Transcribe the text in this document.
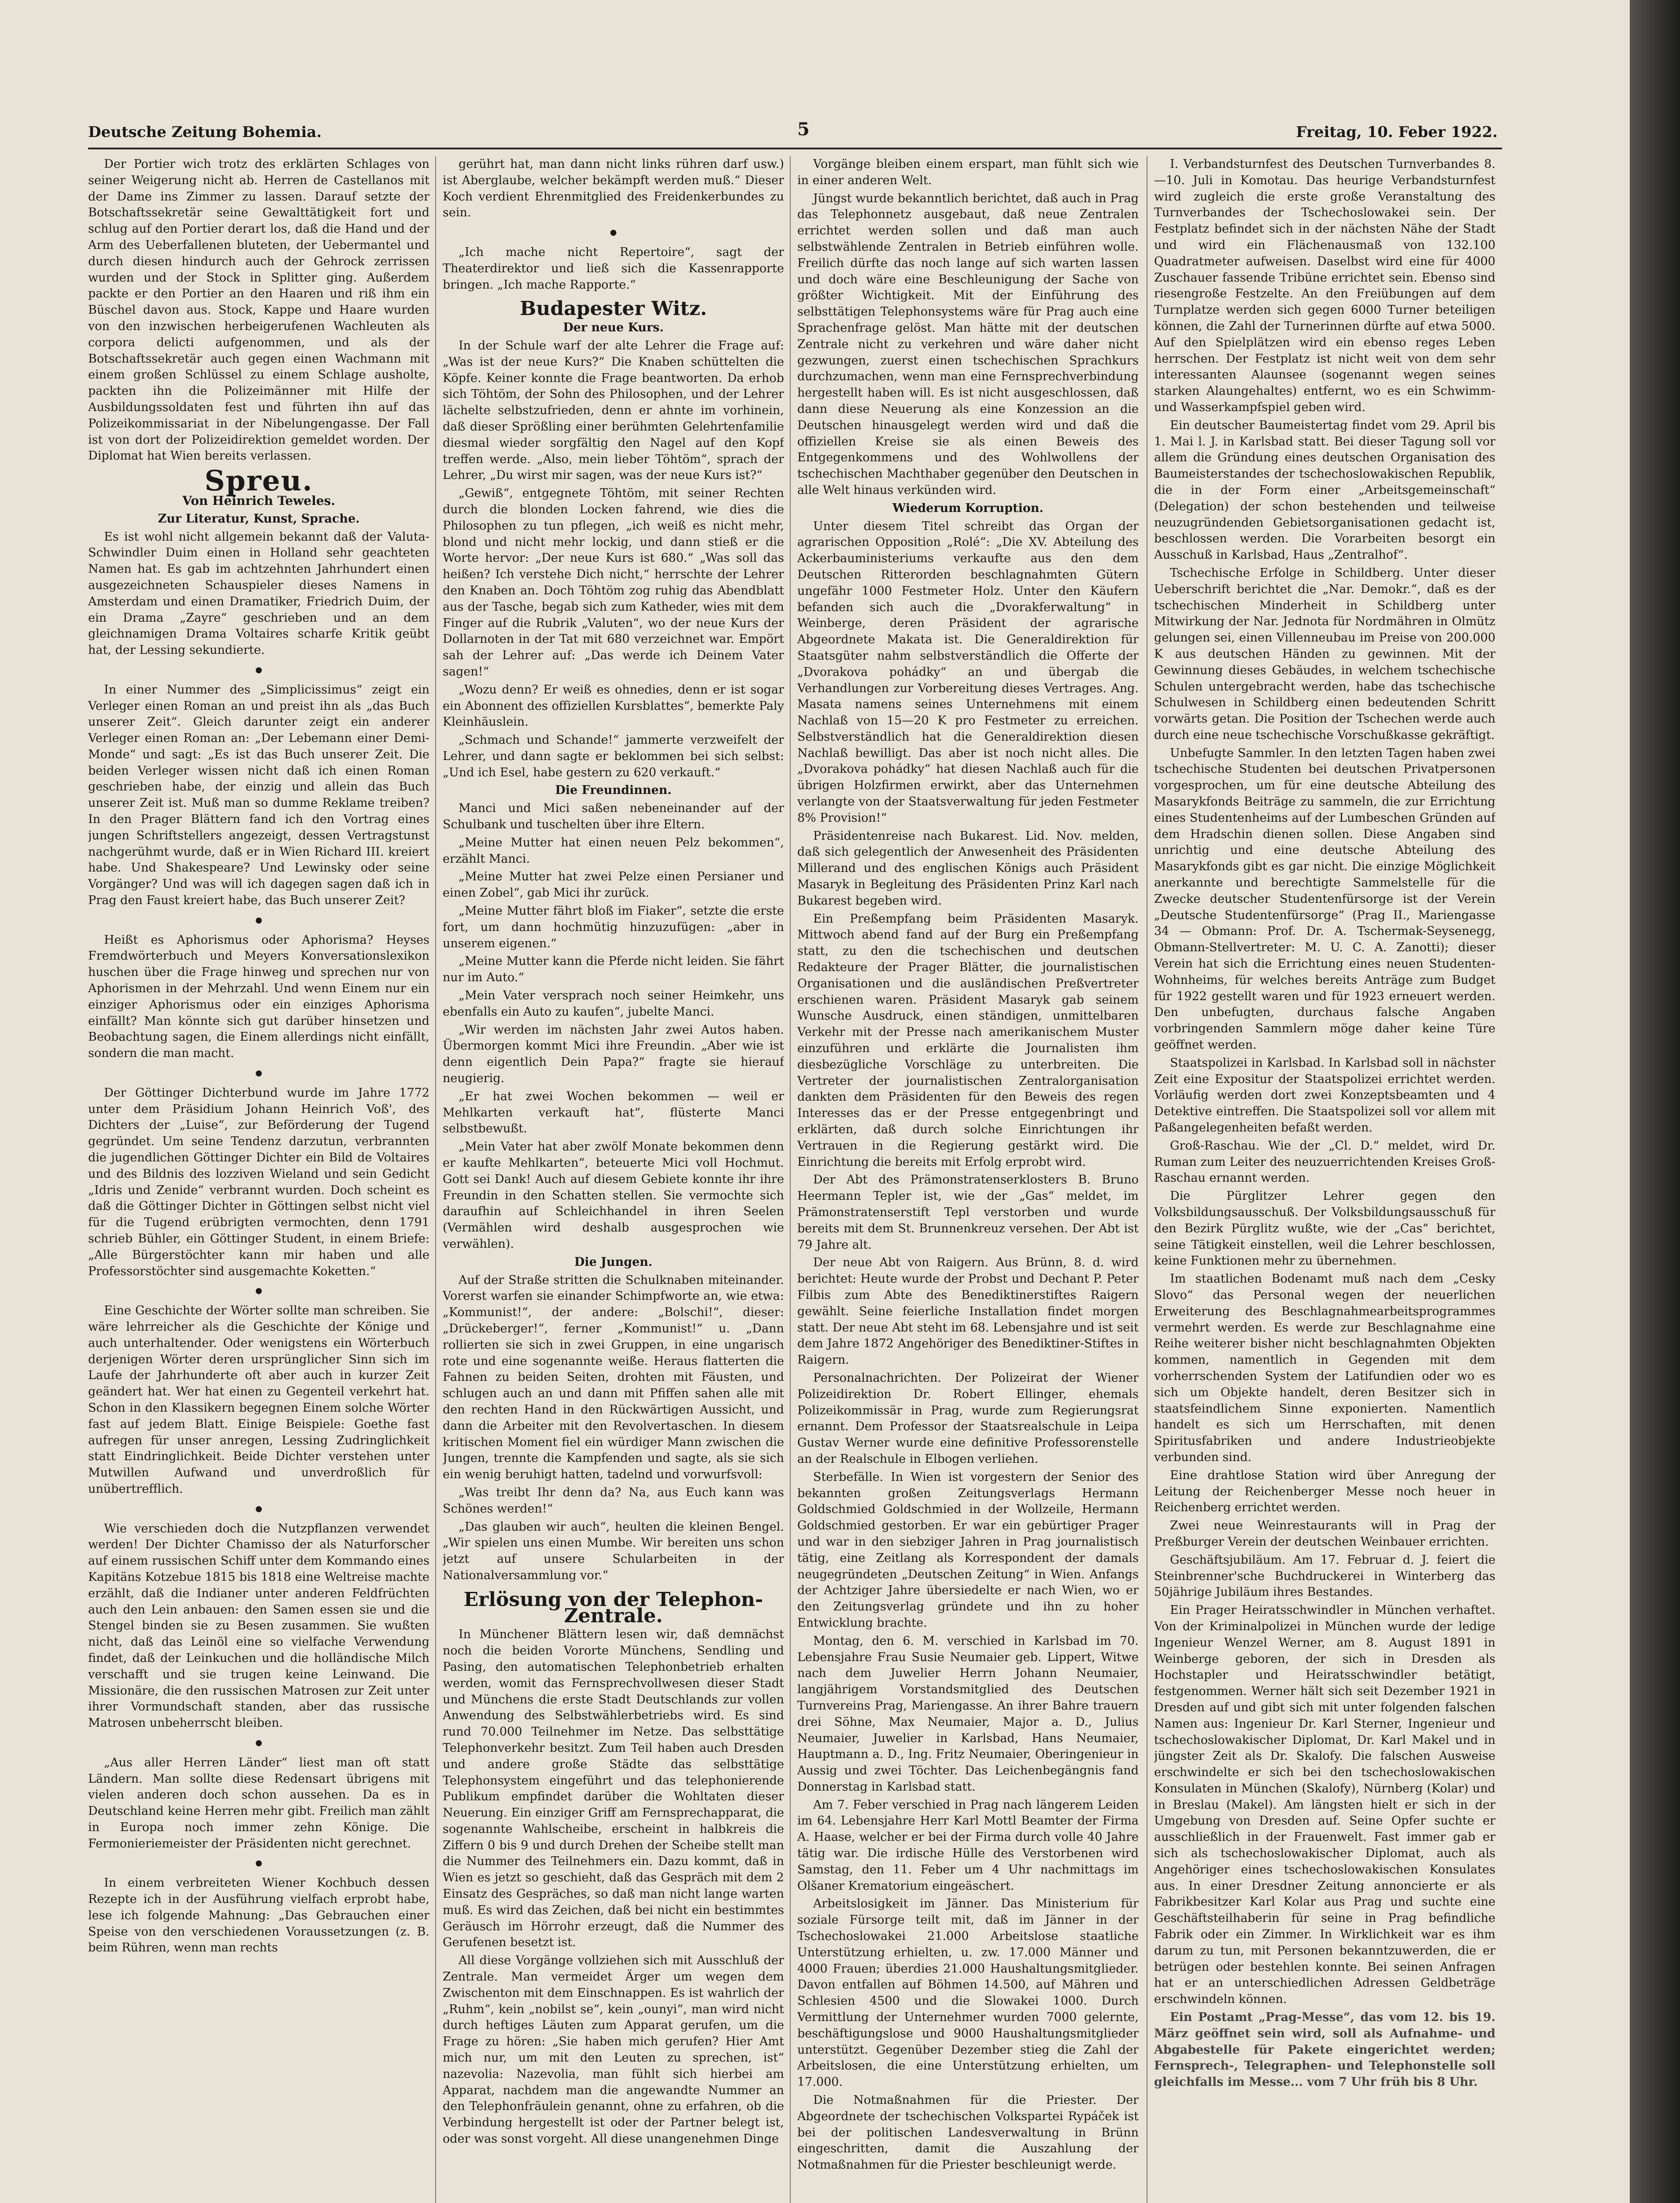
Deutsche Zeitung Bohemia.	5	Freitag, 10. Feber 1922.

Der Portier wich trotz des erklärten Schlages von seiner Weigerung nicht ab. Herren de Castellanos mit der Dame ins Zimmer zu lassen. Darauf setzte der Botschaftssekretär seine Gewalttätigkeit fort und schlug auf den Portier derart los, daß die Hand und der Arm des Ueberfallenen bluteten, der Uebermantel und durch diesen hindurch auch der Gehrock zerrissen wurden und der Stock in Splitter ging. Außerdem packte er den Portier an den Haaren und riß ihm ein Büschel davon aus. Stock, Kappe und Haare wurden von den inzwischen herbeigerufenen Wachleuten als corpora delicti aufgenommen, und als der Botschaftssekretär auch gegen einen Wachmann mit einem großen Schlüssel zu einem Schlage ausholte, packten ihn die Polizeimänner mit Hilfe der Ausbildungssoldaten fest und führten ihn auf das Polizeikommissariat in der Nibelungengasse. Der Fall ist von dort der Polizeidirektion gemeldet worden. Der Diplomat hat Wien bereits verlassen.

Spreu.
Von Heinrich Teweles.
Zur Literatur, Kunst, Sprache.

Es ist wohl nicht allgemein bekannt daß der Valuta-Schwindler Duim einen in Holland sehr geachteten Namen hat. Es gab im achtzehnten Jahrhundert einen ausgezeichneten Schauspieler dieses Namens in Amsterdam und einen Dramatiker, Friedrich Duim, der ein Drama „Zayre“ geschrieben und an dem gleichnamigen Drama Voltaires scharfe Kritik geübt hat, der Lessing sekundierte.

●

In einer Nummer des „Simplicissimus“ zeigt ein Verleger einen Roman an und preist ihn als „das Buch unserer Zeit“. Gleich darunter zeigt ein anderer Verleger einen Roman an: „Der Lebemann einer Demi-Monde“ und sagt: „Es ist das Buch unserer Zeit. Die beiden Verleger wissen nicht daß ich einen Roman geschrieben habe, der einzig und allein das Buch unserer Zeit ist. Muß man so dumme Reklame treiben? In den Prager Blättern fand ich den Vortrag eines jungen Schriftstellers angezeigt, dessen Vertragstunst nachgerühmt wurde, daß er in Wien Richard III. kreiert habe. Und Shakespeare? Und Lewinsky oder seine Vorgänger? Und was will ich dagegen sagen daß ich in Prag den Faust kreiert habe, das Buch unserer Zeit?

●

Heißt es Aphorismus oder Aphorisma? Heyses Fremdwörterbuch und Meyers Konversationslexikon huschen über die Frage hinweg und sprechen nur von Aphorismen in der Mehrzahl. Und wenn Einem nur ein einziger Aphorismus oder ein einziges Aphorisma einfällt? Man könnte sich gut darüber hinsetzen und Beobachtung sagen, die Einem allerdings nicht einfällt, sondern die man macht.

●

Der Göttinger Dichterbund wurde im Jahre 1772 unter dem Präsidium Johann Heinrich Voß', des Dichters der „Luise“, zur Beförderung der Tugend gegründet. Um seine Tendenz darzutun, verbrannten die jugendlichen Göttinger Dichter ein Bild de Voltaires und des Bildnis des lozziven Wieland und sein Gedicht „Idris und Zenide“ verbrannt wurden. Doch scheint es daß die Göttinger Dichter in Göttingen selbst nicht viel für die Tugend erübrigten vermochten, denn 1791 schrieb Bühler, ein Göttinger Student, in einem Briefe: „Alle Bürgerstöchter kann mir haben und alle Professorstöchter sind ausgemachte Koketten.“

●

Eine Geschichte der Wörter sollte man schreiben. Sie wäre lehrreicher als die Geschichte der Könige und auch unterhaltender. Oder wenigstens ein Wörterbuch derjenigen Wörter deren ursprünglicher Sinn sich im Laufe der Jahrhunderte oft aber auch in kurzer Zeit geändert hat. Wer hat einen zu Gegenteil verkehrt hat. Schon in den Klassikern begegnen Einem solche Wörter fast auf jedem Blatt. Einige Beispiele: Goethe fast aufregen für unser anregen, Lessing Zudringlichkeit statt Eindringlichkeit. Beide Dichter verstehen unter Mutwillen Aufwand und unverdroßlich für unübertrefflich.

●

Wie verschieden doch die Nutzpflanzen verwendet werden! Der Dichter Chamisso der als Naturforscher auf einem russischen Schiff unter dem Kommando eines Kapitäns Kotzebue 1815 bis 1818 eine Weltreise machte erzählt, daß die Indianer unter anderen Feldfrüchten auch den Lein anbauen: den Samen essen sie und die Stengel binden sie zu Besen zusammen. Sie wußten nicht, daß das Leinöl eine so vielfache Verwendung findet, daß der Leinkuchen und die holländische Milch verschafft und sie trugen keine Leinwand. Die Missionäre, die den russischen Matrosen zur Zeit unter ihrer Vormundschaft standen, aber das russische Matrosen unbeherrscht bleiben.

●

„Aus aller Herren Länder“ liest man oft statt Ländern. Man sollte diese Redensart übrigens mit vielen anderen doch schon aussehen. Da es in Deutschland keine Herren mehr gibt. Freilich man zählt in Europa noch immer zehn Könige. Die Fermonieriemeister der Präsidenten nicht gerechnet.

●

In einem verbreiteten Wiener Kochbuch dessen Rezepte ich in der Ausführung vielfach erprobt habe, lese ich folgende Mahnung: „Das Gebrauchen einer Speise von den verschiedenen Voraussetzungen (z. B. beim Rühren, wenn man rechts

gerührt hat, man dann nicht links rühren darf usw.) ist Aberglaube, welcher bekämpft werden muß.“ Dieser Koch verdient Ehrenmitglied des Freidenkerbundes zu sein.

●

„Ich mache nicht Repertoire“, sagt der Theaterdirektor und ließ sich die Kassenrapporte bringen. „Ich mache Rapporte.“

Budapester Witz.
Der neue Kurs.

In der Schule warf der alte Lehrer die Frage auf: „Was ist der neue Kurs?“ Die Knaben schüttelten die Köpfe. Keiner konnte die Frage beantworten. Da erhob sich Töhtöm, der Sohn des Philosophen, und der Lehrer lächelte selbstzufrieden, denn er ahnte im vorhinein, daß dieser Sprößling einer berühmten Gelehrtenfamilie diesmal wieder sorgfältig den Nagel auf den Kopf treffen werde. „Also, mein lieber Töhtöm“, sprach der Lehrer, „Du wirst mir sagen, was der neue Kurs ist?“

„Gewiß“, entgegnete Töhtöm, mit seiner Rechten durch die blonden Locken fahrend, wie dies die Philosophen zu tun pflegen, „ich weiß es nicht mehr, blond und nicht mehr lockig, und dann stieß er die Worte hervor: „Der neue Kurs ist 680.“ „Was soll das heißen? Ich verstehe Dich nicht,“ herrschte der Lehrer den Knaben an. Doch Töhtöm zog ruhig das Abendblatt aus der Tasche, begab sich zum Katheder, wies mit dem Finger auf die Rubrik „Valuten“, wo der neue Kurs der Dollarnoten in der Tat mit 680 verzeichnet war. Empört sah der Lehrer auf: „Das werde ich Deinem Vater sagen!“

„Wozu denn? Er weiß es ohnedies, denn er ist sogar ein Abonnent des offiziellen Kursblattes“, bemerkte Paly Kleinhäuslein.

„Schmach und Schande!“ jammerte verzweifelt der Lehrer, und dann sagte er beklommen bei sich selbst: „Und ich Esel, habe gestern zu 620 verkauft.“

Die Freundinnen.

Manci und Mici saßen nebeneinander auf der Schulbank und tuschelten über ihre Eltern.

„Meine Mutter hat einen neuen Pelz bekommen“, erzählt Manci.

„Meine Mutter hat zwei Pelze einen Persianer und einen Zobel“, gab Mici ihr zurück.

„Meine Mutter fährt bloß im Fiaker“, setzte die erste fort, um dann hochmütig hinzuzufügen: „aber in unserem eigenen.“

„Meine Mutter kann die Pferde nicht leiden. Sie fährt nur im Auto.“

„Mein Vater versprach noch seiner Heimkehr, uns ebenfalls ein Auto zu kaufen“, jubelte Manci.

„Wir werden im nächsten Jahr zwei Autos haben. Übermorgen kommt Mici ihre Freundin. „Aber wie ist denn eigentlich Dein Papa?“ fragte sie hierauf neugierig.

„Er hat zwei Wochen bekommen — weil er Mehlkarten verkauft hat“, flüsterte Manci selbstbewußt.

„Mein Vater hat aber zwölf Monate bekommen denn er kaufte Mehlkarten“, beteuerte Mici voll Hochmut. Gott sei Dank! Auch auf diesem Gebiete konnte ihr ihre Freundin in den Schatten stellen. Sie vermochte sich daraufhin auf Schleichhandel in ihren Seelen (Vermählen wird deshalb ausgesprochen wie verwählen).

Die Jungen.

Auf der Straße stritten die Schulknaben miteinander. Vorerst warfen sie einander Schimpfworte an, wie etwa: „Kommunist!“, der andere: „Bolschi!“, dieser: „Drückeberger!“, ferner „Kommunist!“ u. „Dann rollierten sie sich in zwei Gruppen, in eine ungarisch rote und eine sogenannte weiße. Heraus flatterten die Fahnen zu beiden Seiten, drohten mit Fäusten, und schlugen auch an und dann mit Pfiffen sahen alle mit den rechten Hand in den Rückwärtigen Aussicht, und dann die Arbeiter mit den Revolvertaschen. In diesem kritischen Moment fiel ein würdiger Mann zwischen die Jungen, trennte die Kampfenden und sagte, als sie sich ein wenig beruhigt hatten, tadelnd und vorwurfsvoll:

„Was treibt Ihr denn da? Na, aus Euch kann was Schönes werden!“

„Das glauben wir auch“, heulten die kleinen Bengel. „Wir spielen uns einen Mumbe. Wir bereiten uns schon jetzt auf unsere Schularbeiten in der Nationalversammlung vor.“

Erlösung von der Telephon-Zentrale.

In Münchener Blättern lesen wir, daß demnächst noch die beiden Vororte Münchens, Sendling und Pasing, den automatischen Telephonbetrieb erhalten werden, womit das Fernsprechvollwesen dieser Stadt und Münchens die erste Stadt Deutschlands zur vollen Anwendung des Selbstwählerbetriebs wird. Es sind rund 70.000 Teilnehmer im Netze. Das selbsttätige Telephonverkehr besitzt. Zum Teil haben auch Dresden und andere große Städte das selbsttätige Telephonsystem eingeführt und das telephonierende Publikum empfindet darüber die Wohltaten dieser Neuerung. Ein einziger Griff am Fernsprechapparat, die sogenannte Wahlscheibe, erscheint in halbkreis die Ziffern 0 bis 9 und durch Drehen der Scheibe stellt man die Nummer des Teilnehmers ein. Dazu kommt, daß in Wien es jetzt so geschieht, daß das Gespräch mit dem 2 Einsatz des Gespräches, so daß man nicht lange warten muß. Es wird das Zeichen, daß bei nicht ein bestimmtes Geräusch im Hörrohr erzeugt, daß die Nummer des Gerufenen besetzt ist.

All diese Vorgänge vollziehen sich mit Ausschluß der Zentrale. Man vermeidet Ärger um wegen dem Zwischenton mit dem Einschnappen. Es ist wahrlich der „Ruhm“, kein „nobilst se“, kein „ounyi“, man wird nicht durch heftiges Läuten zum Apparat gerufen, um die Frage zu hören: „Sie haben mich gerufen? Hier Amt mich nur, um mit den Leuten zu sprechen, ist“ nazevolia: Nazevolia, man fühlt sich hierbei am Apparat, nachdem man die angewandte Nummer an den Telephonfräulein genannt, ohne zu erfahren, ob die Verbindung hergestellt ist oder der Partner belegt ist, oder was sonst vorgeht. All diese unangenehmen Dinge

Vorgänge bleiben einem erspart, man fühlt sich wie in einer anderen Welt.

Jüngst wurde bekanntlich berichtet, daß auch in Prag das Telephonnetz ausgebaut, daß neue Zentralen errichtet werden sollen und daß man auch selbstwählende Zentralen in Betrieb einführen wolle. Freilich dürfte das noch lange auf sich warten lassen und doch wäre eine Beschleunigung der Sache von größter Wichtigkeit. Mit der Einführung des selbsttätigen Telephonsystems wäre für Prag auch eine Sprachenfrage gelöst. Man hätte mit der deutschen Zentrale nicht zu verkehren und wäre daher nicht gezwungen, zuerst einen tschechischen Sprachkurs durchzumachen, wenn man eine Fernsprechverbindung hergestellt haben will. Es ist nicht ausgeschlossen, daß dann diese Neuerung als eine Konzession an die Deutschen hinausgelegt werden wird und daß die offiziellen Kreise sie als einen Beweis des Entgegenkommens und des Wohlwollens der tschechischen Machthaber gegenüber den Deutschen in alle Welt hinaus verkünden wird.

Wiederum Korruption.

Unter diesem Titel schreibt das Organ der agrarischen Opposition „Rolé“: „Die XV. Abteilung des Ackerbauministeriums verkaufte aus den dem Deutschen Ritterorden beschlagnahmten Gütern ungefähr 1000 Festmeter Holz. Unter den Käufern befanden sich auch die „Dvorakferwaltung“ in Weinberge, deren Präsident der agrarische Abgeordnete Makata ist. Die Generaldirektion für Staatsgüter nahm selbstverständlich die Offerte der „Dvorakova pohádky“ an und übergab die Verhandlungen zur Vorbereitung dieses Vertrages. Ang. Masata namens seines Unternehmens mit einem Nachlaß von 15—20 K pro Festmeter zu erreichen. Selbstverständlich hat die Generaldirektion diesen Nachlaß bewilligt. Das aber ist noch nicht alles. Die „Dvorakova pohádky“ hat diesen Nachlaß auch für die übrigen Holzfirmen erwirkt, aber das Unternehmen verlangte von der Staatsverwaltung für jeden Festmeter 8% Provision!“

Präsidentenreise nach Bukarest. Lid. Nov. melden, daß sich gelegentlich der Anwesenheit des Präsidenten Millerand und des englischen Königs auch Präsident Masaryk in Begleitung des Präsidenten Prinz Karl nach Bukarest begeben wird.

Ein Preßempfang beim Präsidenten Masaryk. Mittwoch abend fand auf der Burg ein Preßempfang statt, zu den die tschechischen und deutschen Redakteure der Prager Blätter, die journalistischen Organisationen und die ausländischen Preßvertreter erschienen waren. Präsident Masaryk gab seinem Wunsche Ausdruck, einen ständigen, unmittelbaren Verkehr mit der Presse nach amerikanischem Muster einzuführen und erklärte die Journalisten ihm diesbezügliche Vorschläge zu unterbreiten. Die Vertreter der journalistischen Zentralorganisation dankten dem Präsidenten für den Beweis des regen Interesses das er der Presse entgegenbringt und erklärten, daß durch solche Einrichtungen ihr Vertrauen in die Regierung gestärkt wird. Die Einrichtung die bereits mit Erfolg erprobt wird.

Der Abt des Prämonstratenserklosters B. Bruno Heermann Tepler ist, wie der „Gas“ meldet, im Prämonstratenserstift Tepl verstorben und wurde bereits mit dem St. Brunnenkreuz versehen. Der Abt ist 79 Jahre alt.

Der neue Abt von Raigern. Aus Brünn, 8. d. wird berichtet: Heute wurde der Probst und Dechant P. Peter Filbis zum Abte des Benediktinerstiftes Raigern gewählt. Seine feierliche Installation findet morgen statt. Der neue Abt steht im 68. Lebensjahre und ist seit dem Jahre 1872 Angehöriger des Benediktiner-Stiftes in Raigern.

Personalnachrichten. Der Polizeirat der Wiener Polizeidirektion Dr. Robert Ellinger, ehemals Polizeikommissär in Prag, wurde zum Regierungsrat ernannt. Dem Professor der Staatsrealschule in Leipa Gustav Werner wurde eine definitive Professorenstelle an der Realschule in Elbogen verliehen.

Sterbefälle. In Wien ist vorgestern der Senior des bekannten großen Zeitungsverlags Hermann Goldschmied Goldschmied in der Wollzeile, Hermann Goldschmied gestorben. Er war ein gebürtiger Prager und war in den siebziger Jahren in Prag journalistisch tätig, eine Zeitlang als Korrespondent der damals neugegründeten „Deutschen Zeitung“ in Wien. Anfangs der Achtziger Jahre übersiedelte er nach Wien, wo er den Zeitungsverlag gründete und ihn zu hoher Entwicklung brachte.

Montag, den 6. M. verschied in Karlsbad im 70. Lebensjahre Frau Susie Neumaier geb. Lippert, Witwe nach dem Juwelier Herrn Johann Neumaier, langjährigem Vorstandsmitglied des Deutschen Turnvereins Prag, Mariengasse. An ihrer Bahre trauern drei Söhne, Max Neumaier, Major a. D., Julius Neumaier, Juwelier in Karlsbad, Hans Neumaier, Hauptmann a. D., Ing. Fritz Neumaier, Oberingenieur in Aussig und zwei Töchter. Das Leichenbegängnis fand Donnerstag in Karlsbad statt.

Am 7. Feber verschied in Prag nach längerem Leiden im 64. Lebensjahre Herr Karl Mottl Beamter der Firma A. Haase, welcher er bei der Firma durch volle 40 Jahre tätig war. Die irdische Hülle des Verstorbenen wird Samstag, den 11. Feber um 4 Uhr nachmittags im Olšaner Krematorium eingeäschert.

Arbeitslosigkeit im Jänner. Das Ministerium für soziale Fürsorge teilt mit, daß im Jänner in der Tschechoslowakei 21.000 Arbeitslose staatliche Unterstützung erhielten, u. zw. 17.000 Männer und 4000 Frauen; überdies 21.000 Haushaltungsmitglieder. Davon entfallen auf Böhmen 14.500, auf Mähren und Schlesien 4500 und die Slowakei 1000. Durch Vermittlung der Unternehmer wurden 7000 gelernte, beschäftigungslose und 9000 Haushaltungsmitglieder unterstützt. Gegenüber Dezember stieg die Zahl der Arbeitslosen, die eine Unterstützung erhielten, um 17.000.

Die Notmaßnahmen für die Priester. Der Abgeordnete der tschechischen Volkspartei Rypáček ist bei der politischen Landesverwaltung in Brünn eingeschritten, damit die Auszahlung der Notmaßnahmen für die Priester beschleunigt werde.

I. Verbandsturnfest des Deutschen Turnverbandes 8.—10. Juli in Komotau. Das heurige Verbandsturnfest wird zugleich die erste große Veranstaltung des Turnverbandes der Tschechoslowakei sein. Der Festplatz befindet sich in der nächsten Nähe der Stadt und wird ein Flächenausmaß von 132.100 Quadratmeter aufweisen. Daselbst wird eine für 4000 Zuschauer fassende Tribüne errichtet sein. Ebenso sind riesengroße Festzelte. An den Freiübungen auf dem Turnplatze werden sich gegen 6000 Turner beteiligen können, die Zahl der Turnerinnen dürfte auf etwa 5000. Auf den Spielplätzen wird ein ebenso reges Leben herrschen. Der Festplatz ist nicht weit von dem sehr interessanten Alaunsee (sogenannt wegen seines starken Alaungehaltes) entfernt, wo es ein Schwimm- und Wasserkampfspiel geben wird.

Ein deutscher Baumeistertag findet vom 29. April bis 1. Mai l. J. in Karlsbad statt. Bei dieser Tagung soll vor allem die Gründung eines deutschen Organisation des Baumeisterstandes der tschechoslowakischen Republik, die in der Form einer „Arbeitsgemeinschaft“ (Delegation) der schon bestehenden und teilweise neuzugründenden Gebietsorganisationen gedacht ist, beschlossen werden. Die Vorarbeiten besorgt ein Ausschuß in Karlsbad, Haus „Zentralhof“.

Tschechische Erfolge in Schildberg. Unter dieser Ueberschrift berichtet die „Nar. Demokr.“, daß es der tschechischen Minderheit in Schildberg unter Mitwirkung der Nar. Jednota für Nordmähren in Olmütz gelungen sei, einen Villenneubau im Preise von 200.000 K aus deutschen Händen zu gewinnen. Mit der Gewinnung dieses Gebäudes, in welchem tschechische Schulen untergebracht werden, habe das tschechische Schulwesen in Schildberg einen bedeutenden Schritt vorwärts getan. Die Position der Tschechen werde auch durch eine neue tschechische Vorschußkasse gekräftigt.

Unbefugte Sammler. In den letzten Tagen haben zwei tschechische Studenten bei deutschen Privatpersonen vorgesprochen, um für eine deutsche Abteilung des Masarykfonds Beiträge zu sammeln, die zur Errichtung eines Studentenheims auf der Lumbeschen Gründen auf dem Hradschin dienen sollen. Diese Angaben sind unrichtig und eine deutsche Abteilung des Masarykfonds gibt es gar nicht. Die einzige Möglichkeit anerkannte und berechtigte Sammelstelle für die Zwecke deutscher Studentenfürsorge ist der Verein „Deutsche Studentenfürsorge“ (Prag II., Mariengasse 34 — Obmann: Prof. Dr. A. Tschermak-Seysenegg, Obmann-Stellvertreter: M. U. C. A. Zanotti); dieser Verein hat sich die Errichtung eines neuen Studenten-Wohnheims, für welches bereits Anträge zum Budget für 1922 gestellt waren und für 1923 erneuert werden. Den unbefugten, durchaus falsche Angaben vorbringenden Sammlern möge daher keine Türe geöffnet werden.

Staatspolizei in Karlsbad. In Karlsbad soll in nächster Zeit eine Expositur der Staatspolizei errichtet werden. Vorläufig werden dort zwei Konzeptsbeamten und 4 Detektive eintreffen. Die Staatspolizei soll vor allem mit Paßangelegenheiten befaßt werden.

Groß-Raschau. Wie der „Cl. D.“ meldet, wird Dr. Ruman zum Leiter des neuzuerrichtenden Kreises Groß-Raschau ernannt werden.

Die Pürglitzer Lehrer gegen den Volksbildungsausschuß. Der Volksbildungsausschuß für den Bezirk Pürglitz wußte, wie der „Cas“ berichtet, seine Tätigkeit einstellen, weil die Lehrer beschlossen, keine Funktionen mehr zu übernehmen.

Im staatlichen Bodenamt muß nach dem „Cesky Slovo“ das Personal wegen der neuerlichen Erweiterung des Beschlagnahmearbeitsprogrammes vermehrt werden. Es werde zur Beschlagnahme eine Reihe weiterer bisher nicht beschlagnahmten Objekten kommen, namentlich in Gegenden mit dem vorherrschenden System der Latifundien oder wo es sich um Objekte handelt, deren Besitzer sich in staatsfeindlichem Sinne exponierten. Namentlich handelt es sich um Herrschaften, mit denen Spiritusfabriken und andere Industrieobjekte verbunden sind.

Eine drahtlose Station wird über Anregung der Leitung der Reichenberger Messe noch heuer in Reichenberg errichtet werden.

Zwei neue Weinrestaurants will in Prag der Preßburger Verein der deutschen Weinbauer errichten.

Geschäftsjubiläum. Am 17. Februar d. J. feiert die Steinbrenner'sche Buchdruckerei in Winterberg das 50jährige Jubiläum ihres Bestandes.

Ein Prager Heiratsschwindler in München verhaftet. Von der Kriminalpolizei in München wurde der ledige Ingenieur Wenzel Werner, am 8. August 1891 in Weinberge geboren, der sich in Dresden als Hochstapler und Heiratsschwindler betätigt, festgenommen. Werner hält sich seit Dezember 1921 in Dresden auf und gibt sich mit unter folgenden falschen Namen aus: Ingenieur Dr. Karl Sterner, Ingenieur und tschechoslowakischer Diplomat, Dr. Karl Makel und in jüngster Zeit als Dr. Skalofy. Die falschen Ausweise erschwindelte er sich bei den tschechoslowakischen Konsulaten in München (Skalofy), Nürnberg (Kolar) und in Breslau (Makel). Am längsten hielt er sich in der Umgebung von Dresden auf. Seine Opfer suchte er ausschließlich in der Frauenwelt. Fast immer gab er sich als tschechoslowakischer Diplomat, auch als Angehöriger eines tschechoslowakischen Konsulates aus. In einer Dresdner Zeitung annoncierte er als Fabrikbesitzer Karl Kolar aus Prag und suchte eine Geschäftsteilhaberin für seine in Prag befindliche Fabrik oder ein Zimmer. In Wirklichkeit war es ihm darum zu tun, mit Personen bekanntzuwerden, die er betrügen oder bestehlen konnte. Bei seinen Anfragen hat er an unterschiedlichen Adressen Geldbeträge erschwindeln können.

Ein Postamt „Prag-Messe“, das vom 12. bis 19. März geöffnet sein wird, soll als Aufnahme- und Abgabestelle für Pakete eingerichtet werden; Fernsprech-, Telegraphen- und Telephonstelle soll gleichfalls im Messe... vom 7 Uhr früh bis 8 Uhr.
